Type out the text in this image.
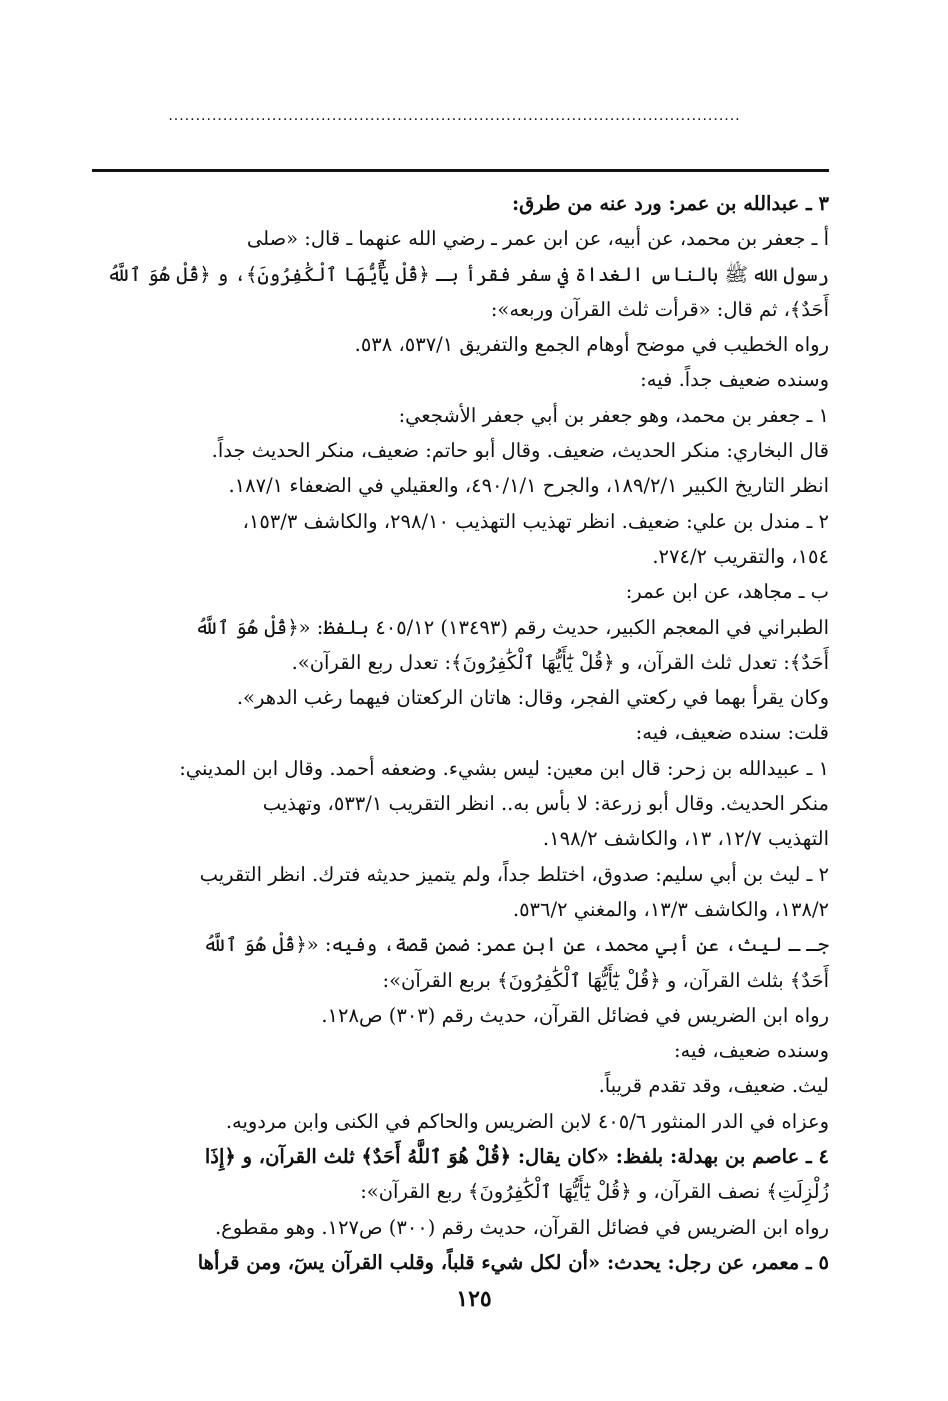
.........................................................................................................
٣ ـ عبدالله بن عمر: ورد عنه من طرق:
أ ـ جعفر بن محمد، عن أبيه، عن ابن عمر ـ رضي الله عنهما ـ قال: «صلى
رسول الله ﷺ بالناس الغداة في سفر فقرأ بـ ﴿قُلْ يَٰٓأَيُّهَا ٱلْكَٰفِرُونَ﴾، و ﴿قُلْ هُوَ ٱللَّهُ
أَحَدٌ﴾، ثم قال: «قرأت ثلث القرآن وربعه»:
رواه الخطيب في موضح أوهام الجمع والتفريق ٥٣٧/١، ٥٣٨.
وسنده ضعيف جداً. فيه:
١ ـ جعفر بن محمد، وهو جعفر بن أبي جعفر الأشجعي:
قال البخاري: منكر الحديث، ضعيف. وقال أبو حاتم: ضعيف، منكر الحديث جداً.
انظر التاريخ الكبير ١٨٩/٢/١، والجرح ٤٩٠/١/١، والعقيلي في الضعفاء ١٨٧/١.
٢ ـ مندل بن علي: ضعيف. انظر تهذيب التهذيب ٢٩٨/١٠، والكاشف ١٥٣/٣،
١٥٤، والتقريب ٢٧٤/٢.
ب ـ مجاهد، عن ابن عمر:
الطبراني في المعجم الكبير، حديث رقم (١٣٤٩٣) ٤٠٥/١٢ بلفظ: «﴿قُلْ هُوَ ٱللَّهُ
أَحَدٌ﴾: تعدل ثلث القرآن، و ﴿قُلْ يَٰٓأَيُّهَا ٱلْكَٰفِرُونَ﴾: تعدل ربع القرآن».
وكان يقرأ بهما في ركعتي الفجر، وقال: هاتان الركعتان فيهما رغب الدهر».
قلت: سنده ضعيف، فيه:
١ ـ عبيدالله بن زحر: قال ابن معين: ليس بشيء. وضعفه أحمد. وقال ابن المديني:
منكر الحديث. وقال أبو زرعة: لا بأس به.. انظر التقريب ٥٣٣/١، وتهذيب
التهذيب ١٢/٧، ١٣، والكاشف ١٩٨/٢.
٢ ـ ليث بن أبي سليم: صدوق، اختلط جداً، ولم يتميز حديثه فترك. انظر التقريب
١٣٨/٢، والكاشف ١٣/٣، والمغني ٥٣٦/٢.
جـ ـ ليث، عن أبي محمد، عن ابن عمر: ضمن قصة، وفيه: «﴿قُلْ هُوَ ٱللَّهُ
أَحَدٌ﴾ بثلث القرآن، و ﴿قُلْ يَٰٓأَيُّهَا ٱلْكَٰفِرُونَ﴾ بربع القرآن»:
رواه ابن الضريس في فضائل القرآن، حديث رقم (٣٠٣) ص١٢٨.
وسنده ضعيف، فيه:
ليث. ضعيف، وقد تقدم قريباً.
وعزاه في الدر المنثور ٤٠٥/٦ لابن الضريس والحاكم في الكنى وابن مردويه.
٤ ـ عاصم بن بهدلة: بلفظ: «كان يقال: ﴿قُلْ هُوَ ٱللَّهُ أَحَدٌ﴾ ثلث القرآن، و ﴿إِذَا
زُلْزِلَتِ﴾ نصف القرآن، و ﴿قُلْ يَٰٓأَيُّهَا ٱلْكَٰفِرُونَ﴾ ربع القرآن»:
رواه ابن الضريس في فضائل القرآن، حديث رقم (٣٠٠) ص١٢٧. وهو مقطوع.
٥ ـ معمر، عن رجل: يحدث: «أن لكل شيء قلباً، وقلب القرآن يسٓ، ومن قرأها
١٢٥
